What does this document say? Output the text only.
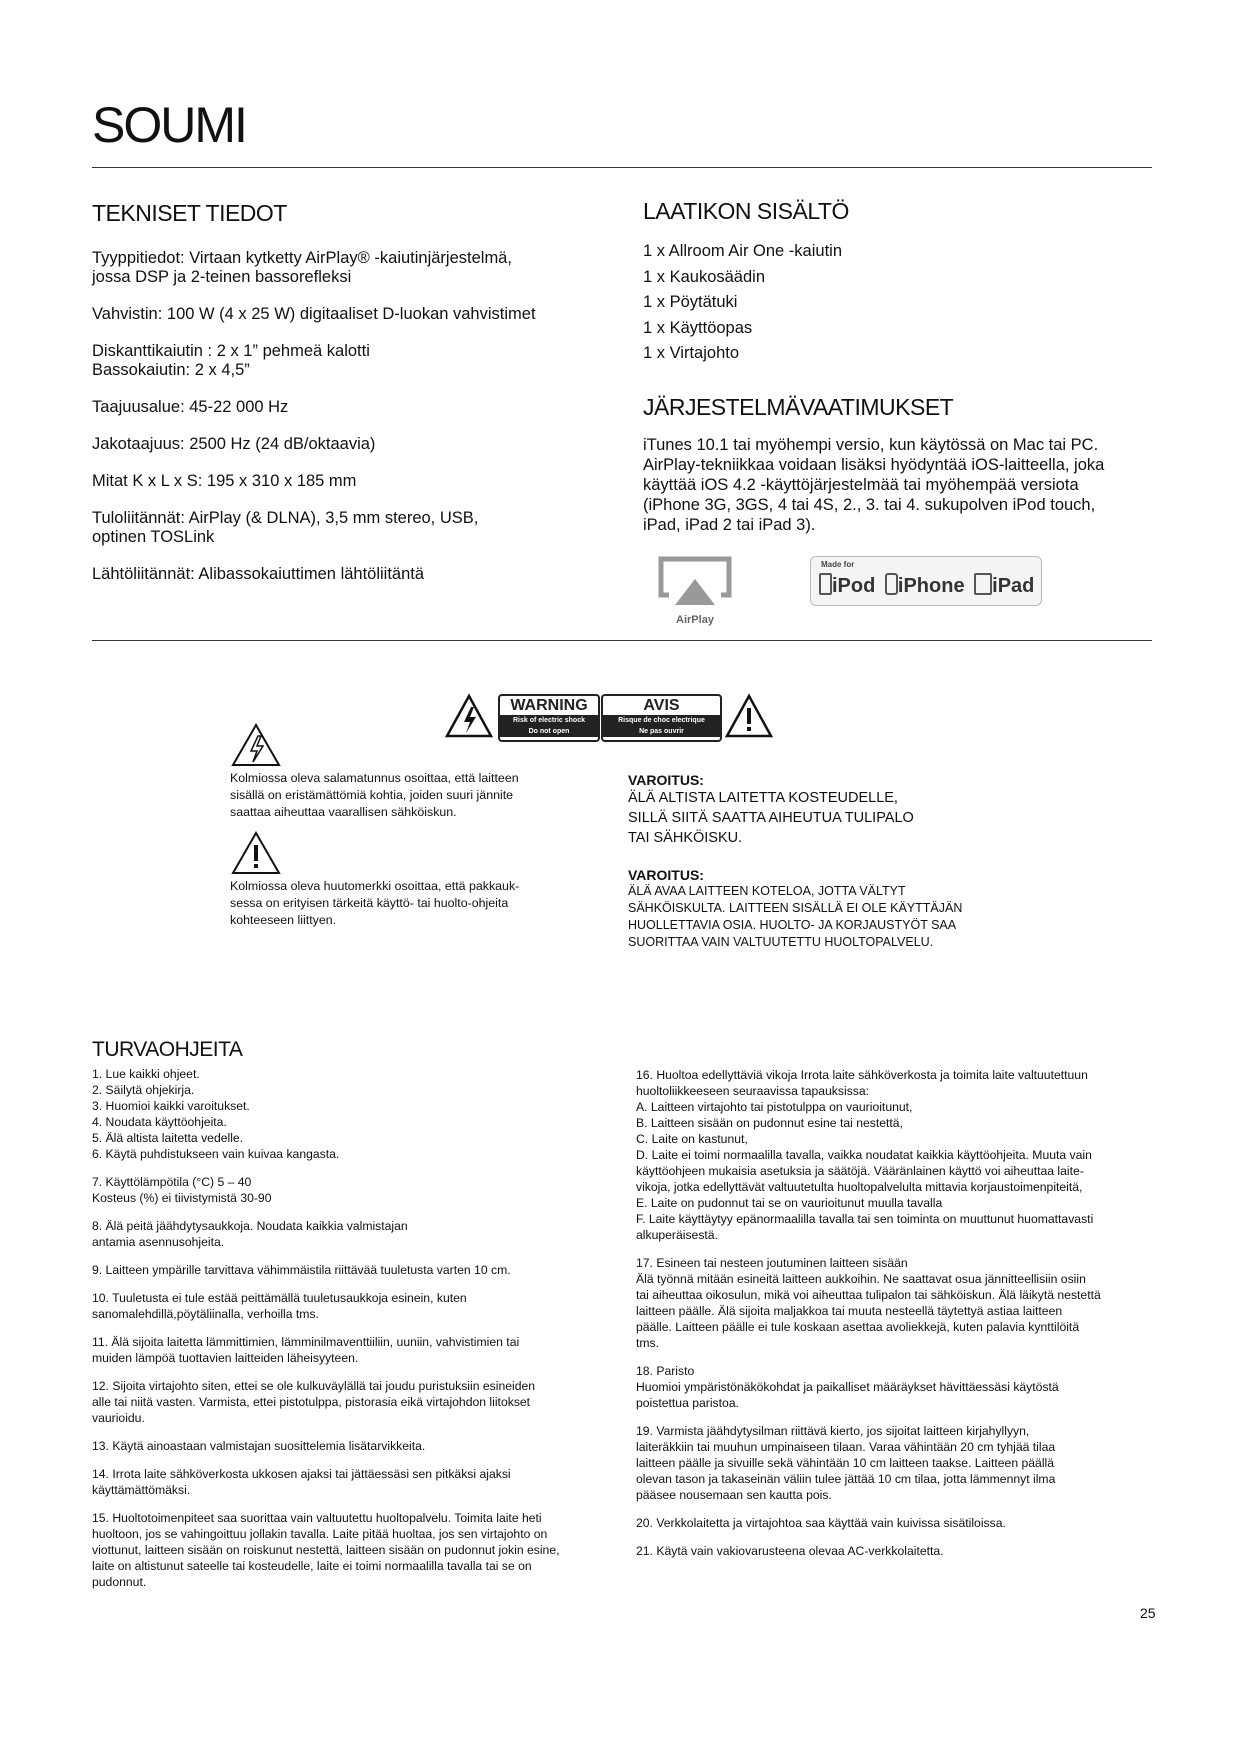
SOUMI
TEKNISET TIEDOT

Tyyppitiedot: Virtaan kytketty AirPlay® -kaiutinjärjestelmä,
jossa DSP ja 2-teinen bassorefleksi

Vahvistin: 100 W (4 x 25 W) digitaaliset D-luokan vahvistimet

Diskanttikaiutin : 2 x 1” pehmeä kalotti
Bassokaiutin: 2 x 4,5”

Taajuusalue: 45-22 000 Hz

Jakotaajuus: 2500 Hz (24 dB/oktaavia)

Mitat K x L x S: 195 x 310 x 185 mm

Tuloliitännät: AirPlay (& DLNA), 3,5 mm stereo, USB,
optinen TOSLink

Lähtöliitännät: Alibassokaiuttimen lähtöliitäntä

LAATIKON SISÄLTÖ
1 x Allroom Air One -kaiutin
1 x Kaukosäädin
1 x Pöytätuki
1 x Käyttöopas
1 x Virtajohto
JÄRJESTELMÄVAATIMUKSET
iTunes 10.1 tai myöhempi versio, kun käytössä on Mac tai PC.
AirPlay-tekniikkaa voidaan lisäksi hyödyntää iOS-laitteella, joka
käyttää iOS 4.2 -käyttöjärjestelmää tai myöhempää versiota
(iPhone 3G, 3GS, 4 tai 4S, 2., 3. tai 4. sukupolven iPod touch,
iPad, iPad 2 tai iPad 3).
AirPlay
Made for
iPod iPhone iPad
WARNING
Risk of electric shock
Do not open
AVIS
Risque de choc electrique
Ne pas ouvrir
Kolmiossa oleva salamatunnus osoittaa, että laitteen
sisällä on eristämättömiä kohtia, joiden suuri jännite
saattaa aiheuttaa vaarallisen sähköiskun.
Kolmiossa oleva huutomerkki osoittaa, että pakkauk-
sessa on erityisen tärkeitä käyttö- tai huolto-ohjeita
kohteeseen liittyen.
VAROITUS:
ÄLÄ ALTISTA LAITETTA KOSTEUDELLE,
SILLÄ SIITÄ SAATTA AIHEUTUA TULIPALO
TAI SÄHKÖISKU.
VAROITUS:
ÄLÄ AVAA LAITTEEN KOTELOA, JOTTA VÄLTYT
SÄHKÖISKULTA. LAITTEEN SISÄLLÄ EI OLE KÄYTTÄJÄN
HUOLLETTAVIA OSIA. HUOLTO- JA KORJAUSTYÖT SAA
SUORITTAA VAIN VALTUUTETTU HUOLTOPALVELU.
TURVAOHJEITA
1. Lue kaikki ohjeet.
2. Säilytä ohjekirja.
3. Huomioi kaikki varoitukset.
4. Noudata käyttöohjeita.
5. Älä altista laitetta vedelle.
6. Käytä puhdistukseen vain kuivaa kangasta.

7. Käyttölämpötila (°C) 5 – 40
Kosteus (%) ei tiivistymistä 30-90

8. Älä peitä jäähdytysaukkoja. Noudata kaikkia valmistajan
antamia asennusohjeita.

9. Laitteen ympärille tarvittava vähimmäistila riittävää tuuletusta varten 10 cm.

10. Tuuletusta ei tule estää peittämällä tuuletusaukkoja esinein, kuten
sanomalehdillä,pöytäliinalla, verhoilla tms.

11. Älä sijoita laitetta lämmittimien, lämminilmaventtiiliin, uuniin, vahvistimien tai
muiden lämpöä tuottavien laitteiden läheisyyteen.

12. Sijoita virtajohto siten, ettei se ole kulkuväylällä tai joudu puristuksiin esineiden
alle tai niitä vasten. Varmista, ettei pistotulppa, pistorasia eikä virtajohdon liitokset
vaurioidu.

13. Käytä ainoastaan valmistajan suosittelemia lisätarvikkeita.

14. Irrota laite sähköverkosta ukkosen ajaksi tai jättäessäsi sen pitkäksi ajaksi
käyttämättömäksi.

15. Huoltotoimenpiteet saa suorittaa vain valtuutettu huoltopalvelu. Toimita laite heti
huoltoon, jos se vahingoittuu jollakin tavalla. Laite pitää huoltaa, jos sen virtajohto on
viottunut, laitteen sisään on roiskunut nestettä, laitteen sisään on pudonnut jokin esine,
laite on altistunut sateelle tai kosteudelle, laite ei toimi normaalilla tavalla tai se on
pudonnut.

16. Huoltoa edellyttäviä vikoja Irrota laite sähköverkosta ja toimita laite valtuutettuun
huoltoliikkeeseen seuraavissa tapauksissa:
A. Laitteen virtajohto tai pistotulppa on vaurioitunut,
B. Laitteen sisään on pudonnut esine tai nestettä,
C. Laite on kastunut,
D. Laite ei toimi normaalilla tavalla, vaikka noudatat kaikkia käyttöohjeita. Muuta vain
käyttöohjeen mukaisia asetuksia ja säätöjä. Vääränlainen käyttö voi aiheuttaa laite-
vikoja, jotka edellyttävät valtuutetulta huoltopalvelulta mittavia korjaustoimenpiteitä,
E. Laite on pudonnut tai se on vaurioitunut muulla tavalla
F. Laite käyttäytyy epänormaalilla tavalla tai sen toiminta on muuttunut huomattavasti
alkuperäisestä.

17. Esineen tai nesteen joutuminen laitteen sisään
Älä työnnä mitään esineitä laitteen aukkoihin. Ne saattavat osua jännitteellisiin osiin
tai aiheuttaa oikosulun, mikä voi aiheuttaa tulipalon tai sähköiskun. Älä läikytä nestettä
laitteen päälle. Älä sijoita maljakkoa tai muuta nesteellä täytettyä astiaa laitteen
päälle. Laitteen päälle ei tule koskaan asettaa avoliekkejä, kuten palavia kynttilöitä
tms.

18. Paristo
Huomioi ympäristönäkökohdat ja paikalliset määräykset hävittäessäsi käytöstä
poistettua paristoa.

19. Varmista jäähdytysilman riittävä kierto, jos sijoitat laitteen kirjahyllyyn,
laiteräkkiin tai muuhun umpinaiseen tilaan. Varaa vähintään 20 cm tyhjää tilaa
laitteen päälle ja sivuille sekä vähintään 10 cm laitteen taakse. Laitteen päällä
olevan tason ja takaseinän väliin tulee jättää 10 cm tilaa, jotta lämmennyt ilma
pääsee nousemaan sen kautta pois.

20. Verkkolaitetta ja virtajohtoa saa käyttää vain kuivissa sisätiloissa.

21. Käytä vain vakiovarusteena olevaa AC-verkkolaitetta.

25
